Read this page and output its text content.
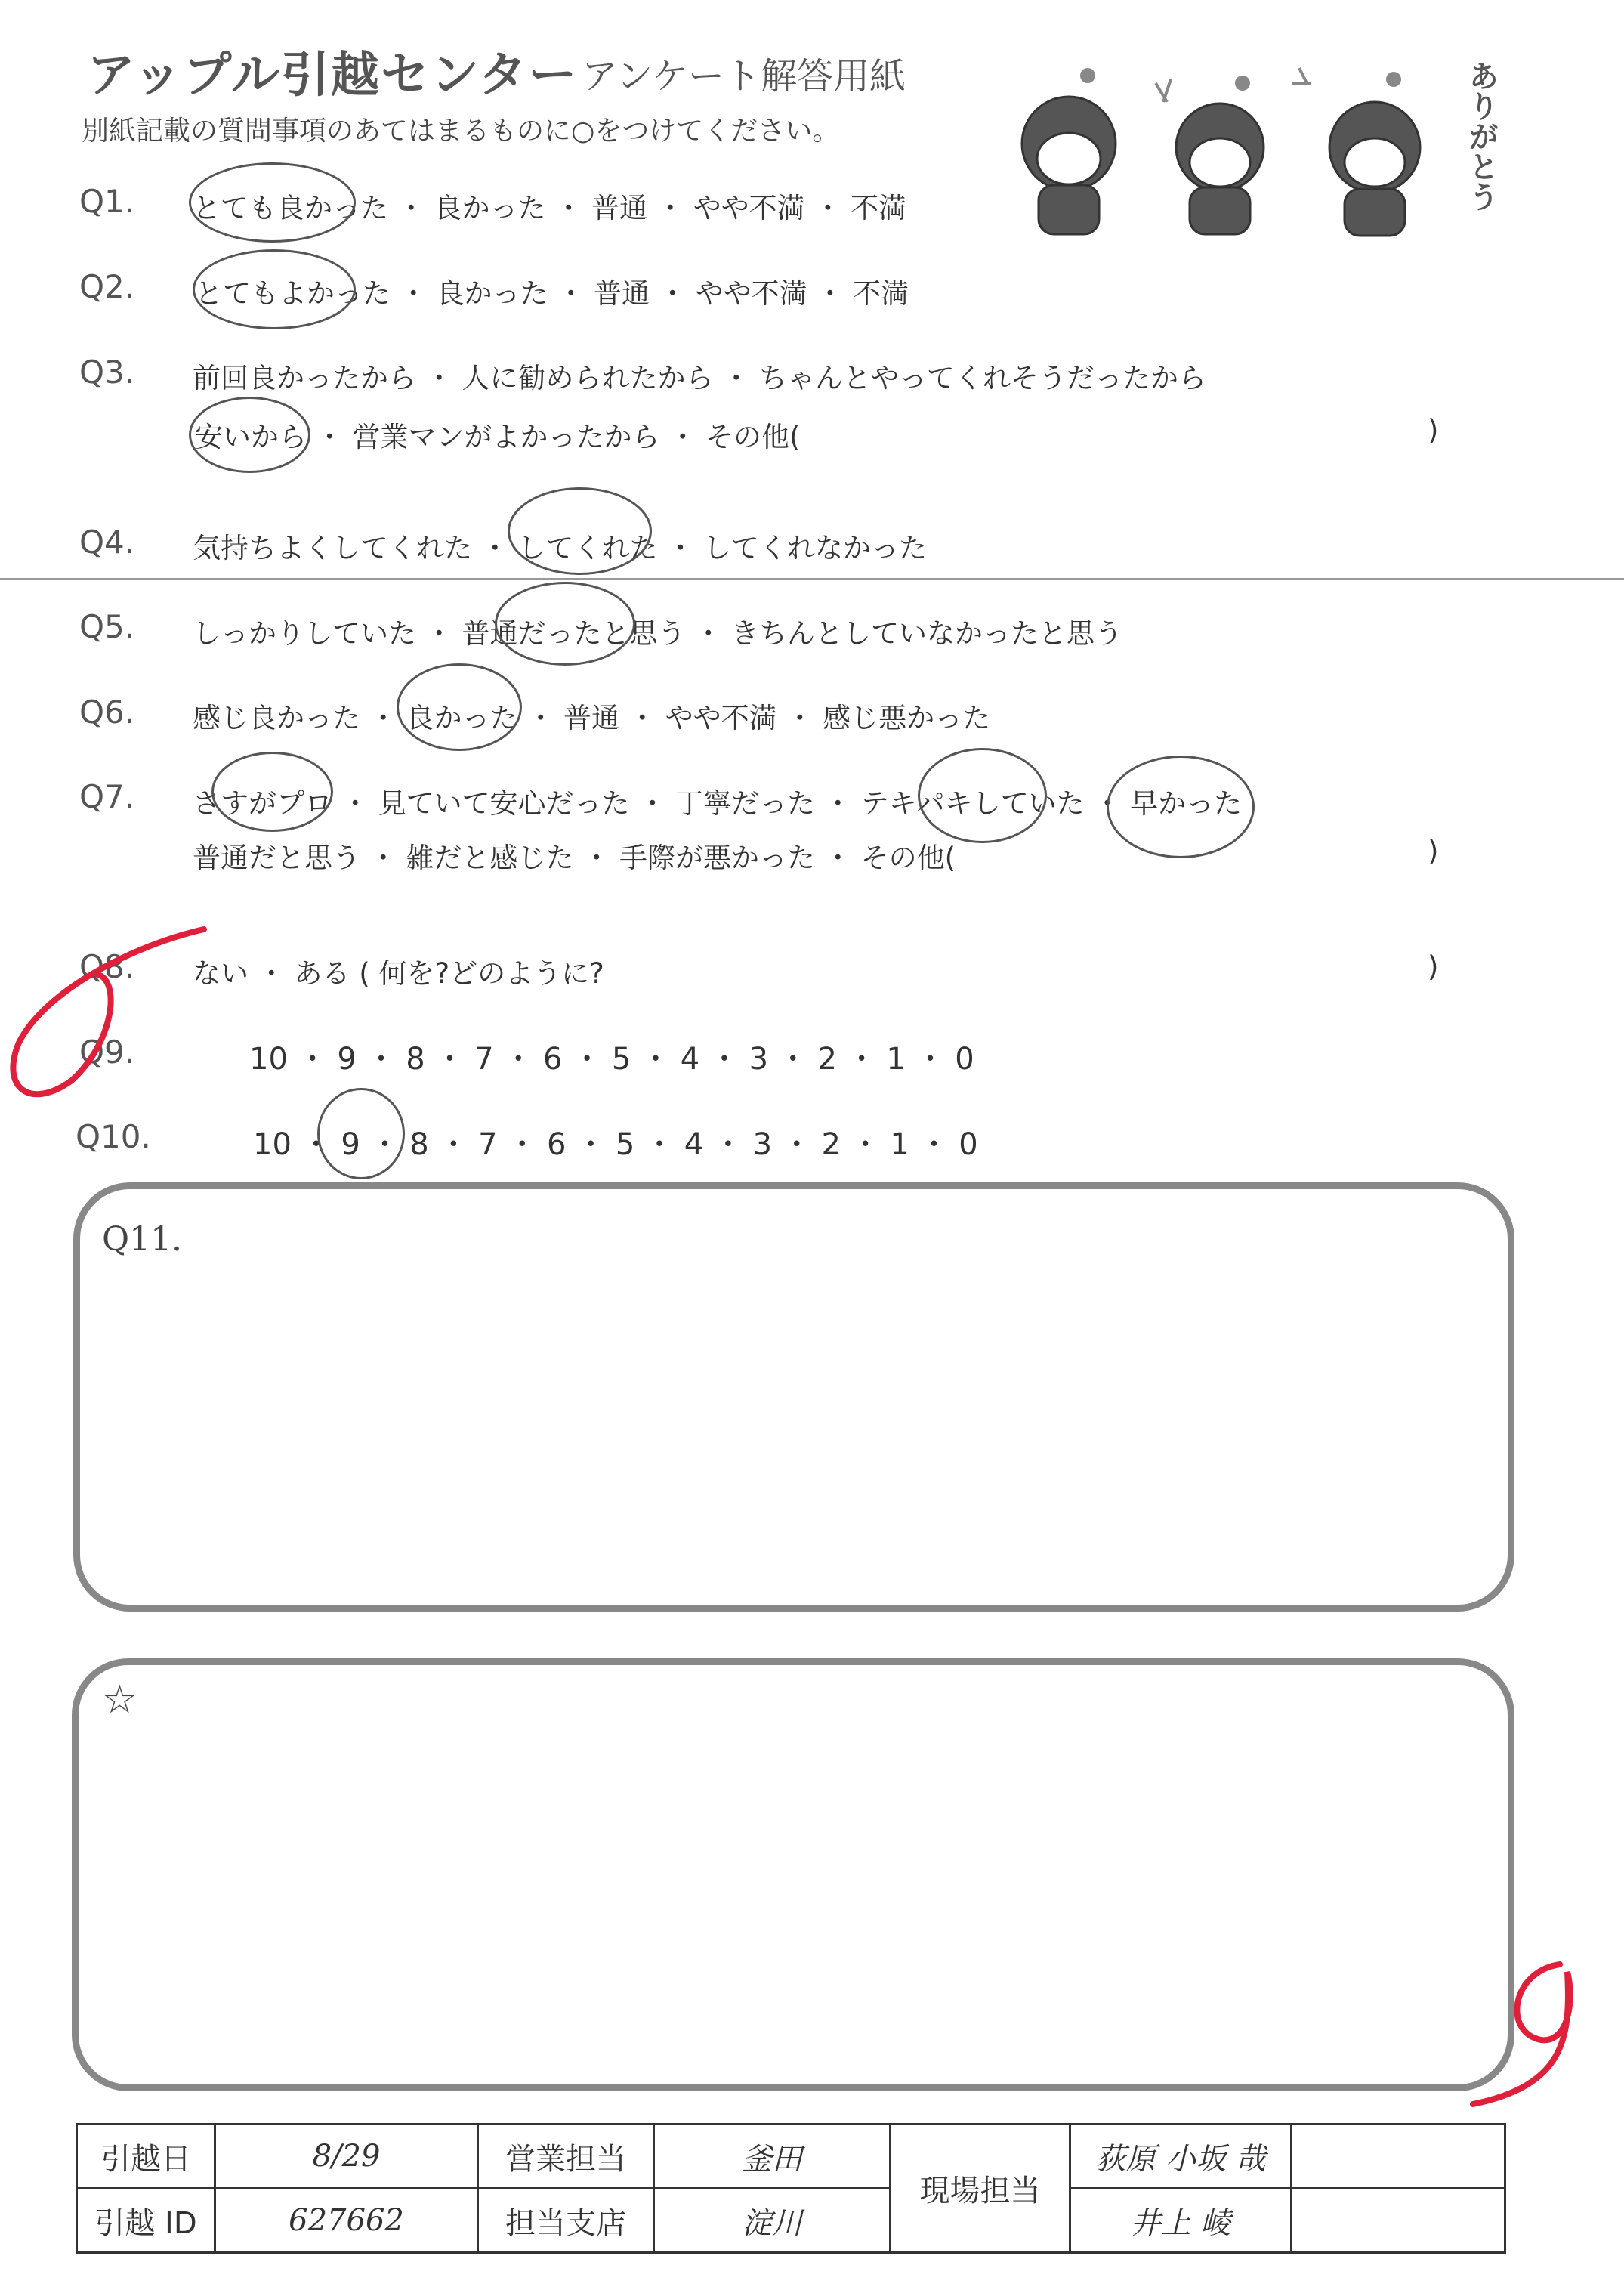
アップル引越センター アンケート解答用紙
別紙記載の質問事項のあてはまるものに○をつけてください。	ありがとう
Q1. とても良かった ・ 良かった ・ 普通 ・ やや不満 ・ 不満
Q2. とてもよかった ・ 良かった ・ 普通 ・ やや不満 ・ 不満
Q3. 前回良かったから ・ 人に勧められたから ・ ちゃんとやってくれそうだったから
安いから ・ 営業マンがよかったから ・ その他(	)
Q4. 気持ちよくしてくれた ・ してくれた ・ してくれなかった
Q5. しっかりしていた ・ 普通だったと思う ・ きちんとしていなかったと思う
Q6. 感じ良かった ・ 良かった ・ 普通 ・ やや不満 ・ 感じ悪かった
Q7. さすがプロ ・ 見ていて安心だった ・ 丁寧だった ・ テキパキしていた ・ 早かった
普通だと思う ・ 雑だと感じた ・ 手際が悪かった ・ その他(	)
Q8. ない ・ ある ( 何を?どのように?	)
Q9.	10 ・ 9 ・ 8 ・ 7 ・ 6 ・ 5 ・ 4 ・ 3 ・ 2 ・ 1 ・ 0
Q10.	10 ・ 9 ・ 8 ・ 7 ・ 6 ・ 5 ・ 4 ・ 3 ・ 2 ・ 1 ・ 0
Q11.
☆
引越日	8/29	営業担当	釜田	現場担当	荻原 小坂 哉	
引越 ID	627662	担当支店	淀川		井上 崚	
